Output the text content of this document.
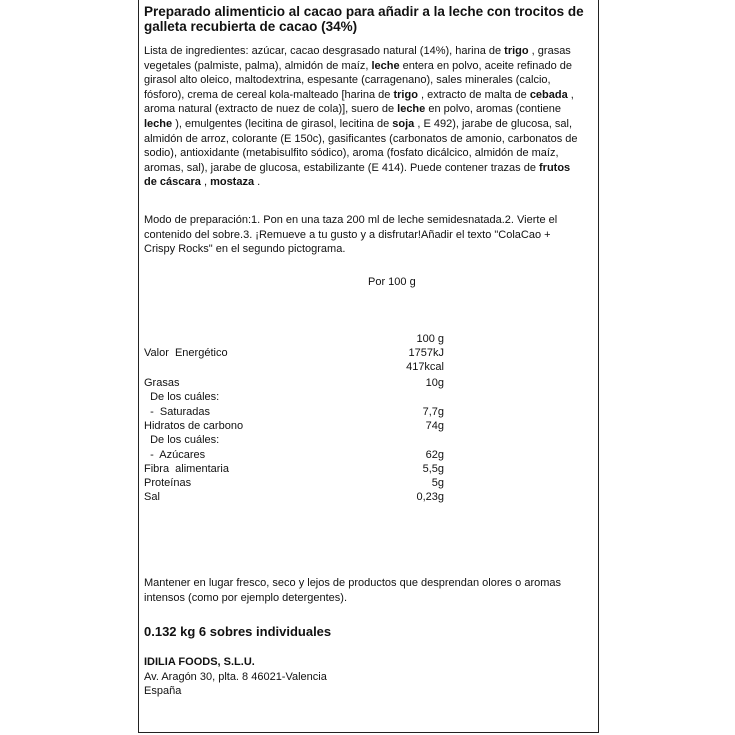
Preparado alimenticio al cacao para añadir a la leche con trocitos de galleta recubierta de cacao (34%)
Lista de ingredientes: azúcar, cacao desgrasado natural (14%), harina de trigo , grasas vegetales (palmiste, palma), almidón de maíz, leche entera en polvo, aceite refinado de girasol alto oleico, maltodextrina, espesante (carragenano), sales minerales (calcio, fósforo), crema de cereal kola-malteado [harina de trigo , extracto de malta de cebada , aroma natural (extracto de nuez de cola)], suero de leche en polvo, aromas (contiene leche ), emulgentes (lecitina de girasol, lecitina de soja , E 492), jarabe de glucosa, sal, almidón de arroz, colorante (E 150c), gasificantes (carbonatos de amonio, carbonatos de sodio), antioxidante (metabisulfito sódico), aroma (fosfato dicálcico, almidón de maíz, aromas, sal), jarabe de glucosa, estabilizante (E 414). Puede contener trazas de frutos de cáscara , mostaza .
Modo de preparación:1. Pon en una taza 200 ml de leche semidesnatada.2. Vierte el contenido del sobre.3. ¡Remueve a tu gusto y a disfrutar!Añadir el texto "ColaCao + Crispy Rocks" en el segundo pictograma.
Por 100 g
100 g
Valor  Energético	1757kJ
417kcal
Grasas	10g
De los cuáles:
-  Saturadas	7,7g
Hidratos de carbono	74g
De los cuáles:
-  Azúcares	62g
Fibra  alimentaria	5,5g
Proteínas	5g
Sal	0,23g
Mantener en lugar fresco, seco y lejos de productos que desprendan olores o aromas intensos (como por ejemplo detergentes).
0.132 kg 6 sobres individuales
IDILIA FOODS, S.L.U.
Av. Aragón 30, plta. 8 46021-Valencia
España
